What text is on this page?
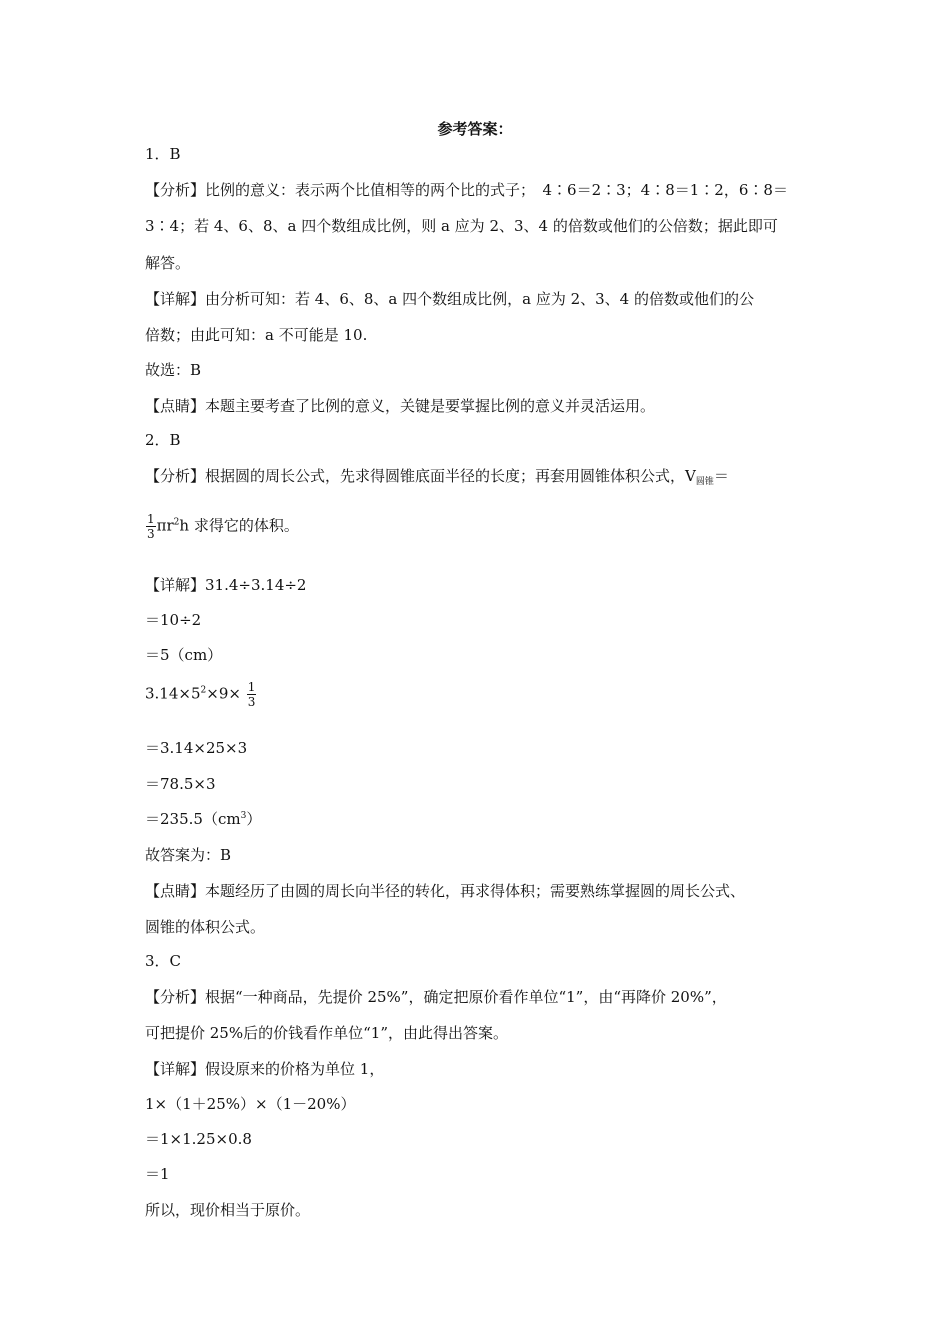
参考答案：
1．B
【分析】比例的意义：表示两个比值相等的两个比的式子；　4∶6＝2∶3；4∶8＝1∶2，6∶8＝
3∶4；若 4、6、8、a 四个数组成比例，则 a 应为 2、3、4 的倍数或他们的公倍数；据此即可
解答。
【详解】由分析可知：若 4、6、8、a 四个数组成比例，a 应为 2、3、4 的倍数或他们的公
倍数；由此可知：a 不可能是 10.
故选：B
【点睛】本题主要考查了比例的意义，关键是要掌握比例的意义并灵活运用。
2．B
【分析】根据圆的周长公式，先求得圆锥底面半径的长度；再套用圆锥体积公式，$V_{圆锥}=$
$\frac{1}{3} \pi r^2h$ 求得它的体积。
【详解】31.4÷3.14÷2
＝10÷2
＝5（cm）
$3.14\times 5^2\times 9\times \frac{1}{3}$
＝3.14×25×3
＝78.5×3
$=235.5(cm^3)$
故答案为：B
【点睛】本题经历了由圆的周长向半径的转化，再求得体积；需要熟练掌握圆的周长公式、
圆锥的体积公式。
3．C
【分析】根据“一种商品，先提价 25%”，确定把原价看作单位“1”，由“再降价 20%”，
可把提价 25%后的价钱看作单位“1”，由此得出答案。
【详解】假设原来的价格为单位 1，
1×（1＋25%）×（1－20%）
＝1×1.25×0.8
＝1
所以，现价相当于原价。
